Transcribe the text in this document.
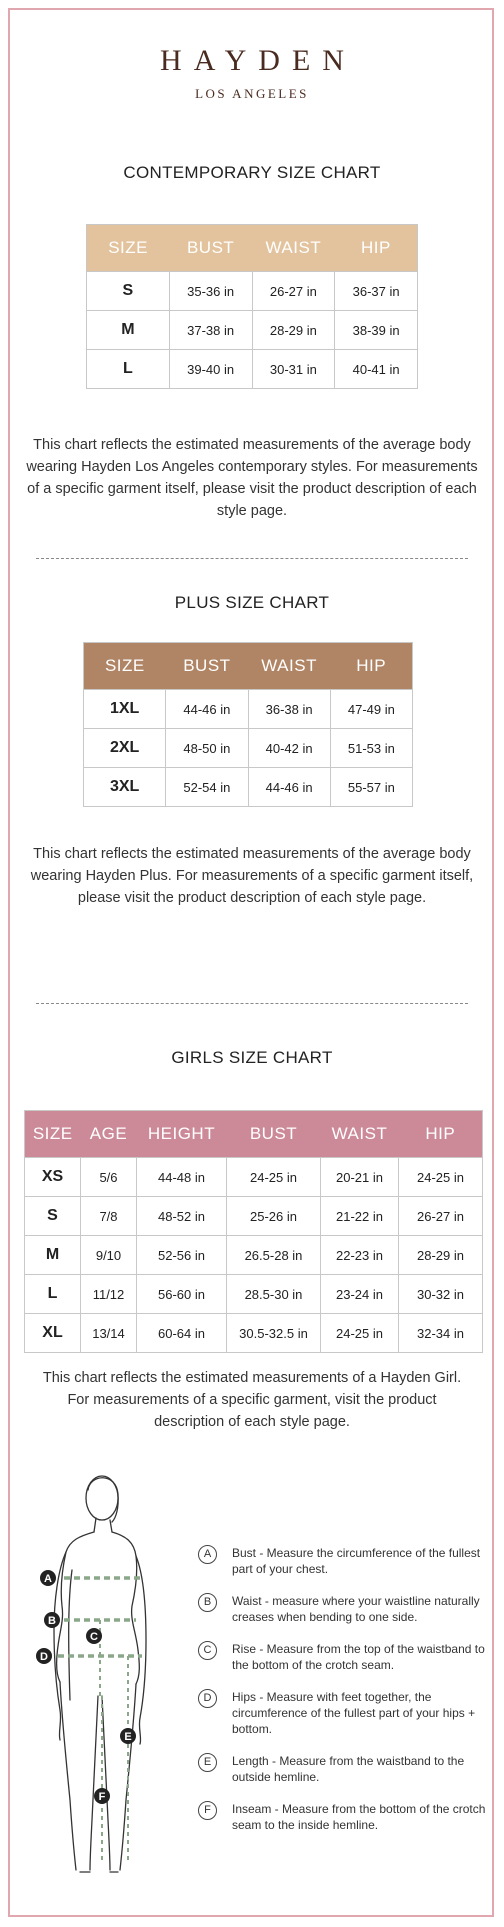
HAYDEN
LOS ANGELES
CONTEMPORARY SIZE CHART
SIZE	BUST	WAIST	HIP
S	35-36 in	26-27 in	36-37 in
M	37-38 in	28-29 in	38-39 in
L	39-40 in	30-31 in	40-41 in
This chart reflects the estimated measurements of the average body wearing Hayden Los Angeles contemporary styles. For measurements of a specific garment itself, please visit the product description of each style page.
PLUS SIZE CHART
SIZE	BUST	WAIST	HIP
1XL	44-46 in	36-38 in	47-49 in
2XL	48-50 in	40-42 in	51-53 in
3XL	52-54 in	44-46 in	55-57 in
This chart reflects the estimated measurements of the average body wearing Hayden Plus. For measurements of a specific garment itself, please visit the product description of each style page.
GIRLS SIZE CHART
SIZE	AGE	HEIGHT	BUST	WAIST	HIP
XS	5/6	44-48 in	24-25 in	20-21 in	24-25 in
S	7/8	48-52 in	25-26 in	21-22 in	26-27 in
M	9/10	52-56 in	26.5-28 in	22-23 in	28-29 in
L	11/12	56-60 in	28.5-30 in	23-24 in	30-32 in
XL	13/14	60-64 in	30.5-32.5 in	24-25 in	32-34 in
This chart reflects the estimated measurements of a Hayden Girl. For measurements of a specific garment, visit the product description of each style page.
A
B
C
D
E
F
A	Bust - Measure the circumference of the fullest part of your chest.
B	Waist - measure where your waistline naturally creases when bending to one side.
C	Rise - Measure from the top of the waistband to the bottom of the crotch seam.
D	Hips - Measure with feet together, the circumference of the fullest part of your hips + bottom.
E	Length - Measure from the waistband to the outside hemline.
F	Inseam - Measure from the bottom of the crotch seam to the inside hemline.
